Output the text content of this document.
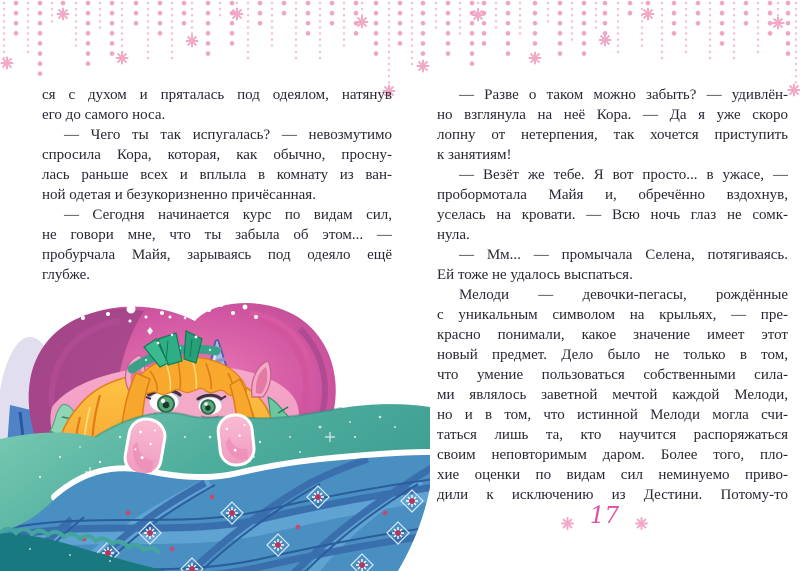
ся с духом и пряталась под одеялом, натянув
его до самого носа.
— Чего ты так испугалась? — невозмутимо
спросила Кора, которая, как обычно, просну-
лась раньше всех и вплыла в комнату из ван-
ной одетая и безукоризненно причёсанная.
— Сегодня начинается курс по видам сил,
не говори мне, что ты забыла об этом... —
пробурчала Майя, зарываясь под одеяло ещё
глубже.
— Разве о таком можно забыть? — удивлён-
но взглянула на неё Кора. — Да я уже скоро
лопну от нетерпения, так хочется приступить
к занятиям!
— Везёт же тебе. Я вот просто... в ужасе, —
пробормотала Майя и, обречённо вздохнув,
уселась на кровати. — Всю ночь глаз не сомк-
нула.
— Мм... — промычала Селена, потягиваясь.
Ей тоже не удалось выспаться.
Мелоди — девочки-пегасы, рождённые
с уникальным символом на крыльях, — пре-
красно понимали, какое значение имеет этот
новый предмет. Дело было не только в том,
что умение пользоваться собственными сила-
ми являлось заветной мечтой каждой Мелоди,
но и в том, что истинной Мелоди могла счи-
таться лишь та, кто научится распоряжаться
своим неповторимым даром. Более того, пло-
хие оценки по видам сил неминуемо приво-
дили к исключению из Дестини. Потому-то
17
